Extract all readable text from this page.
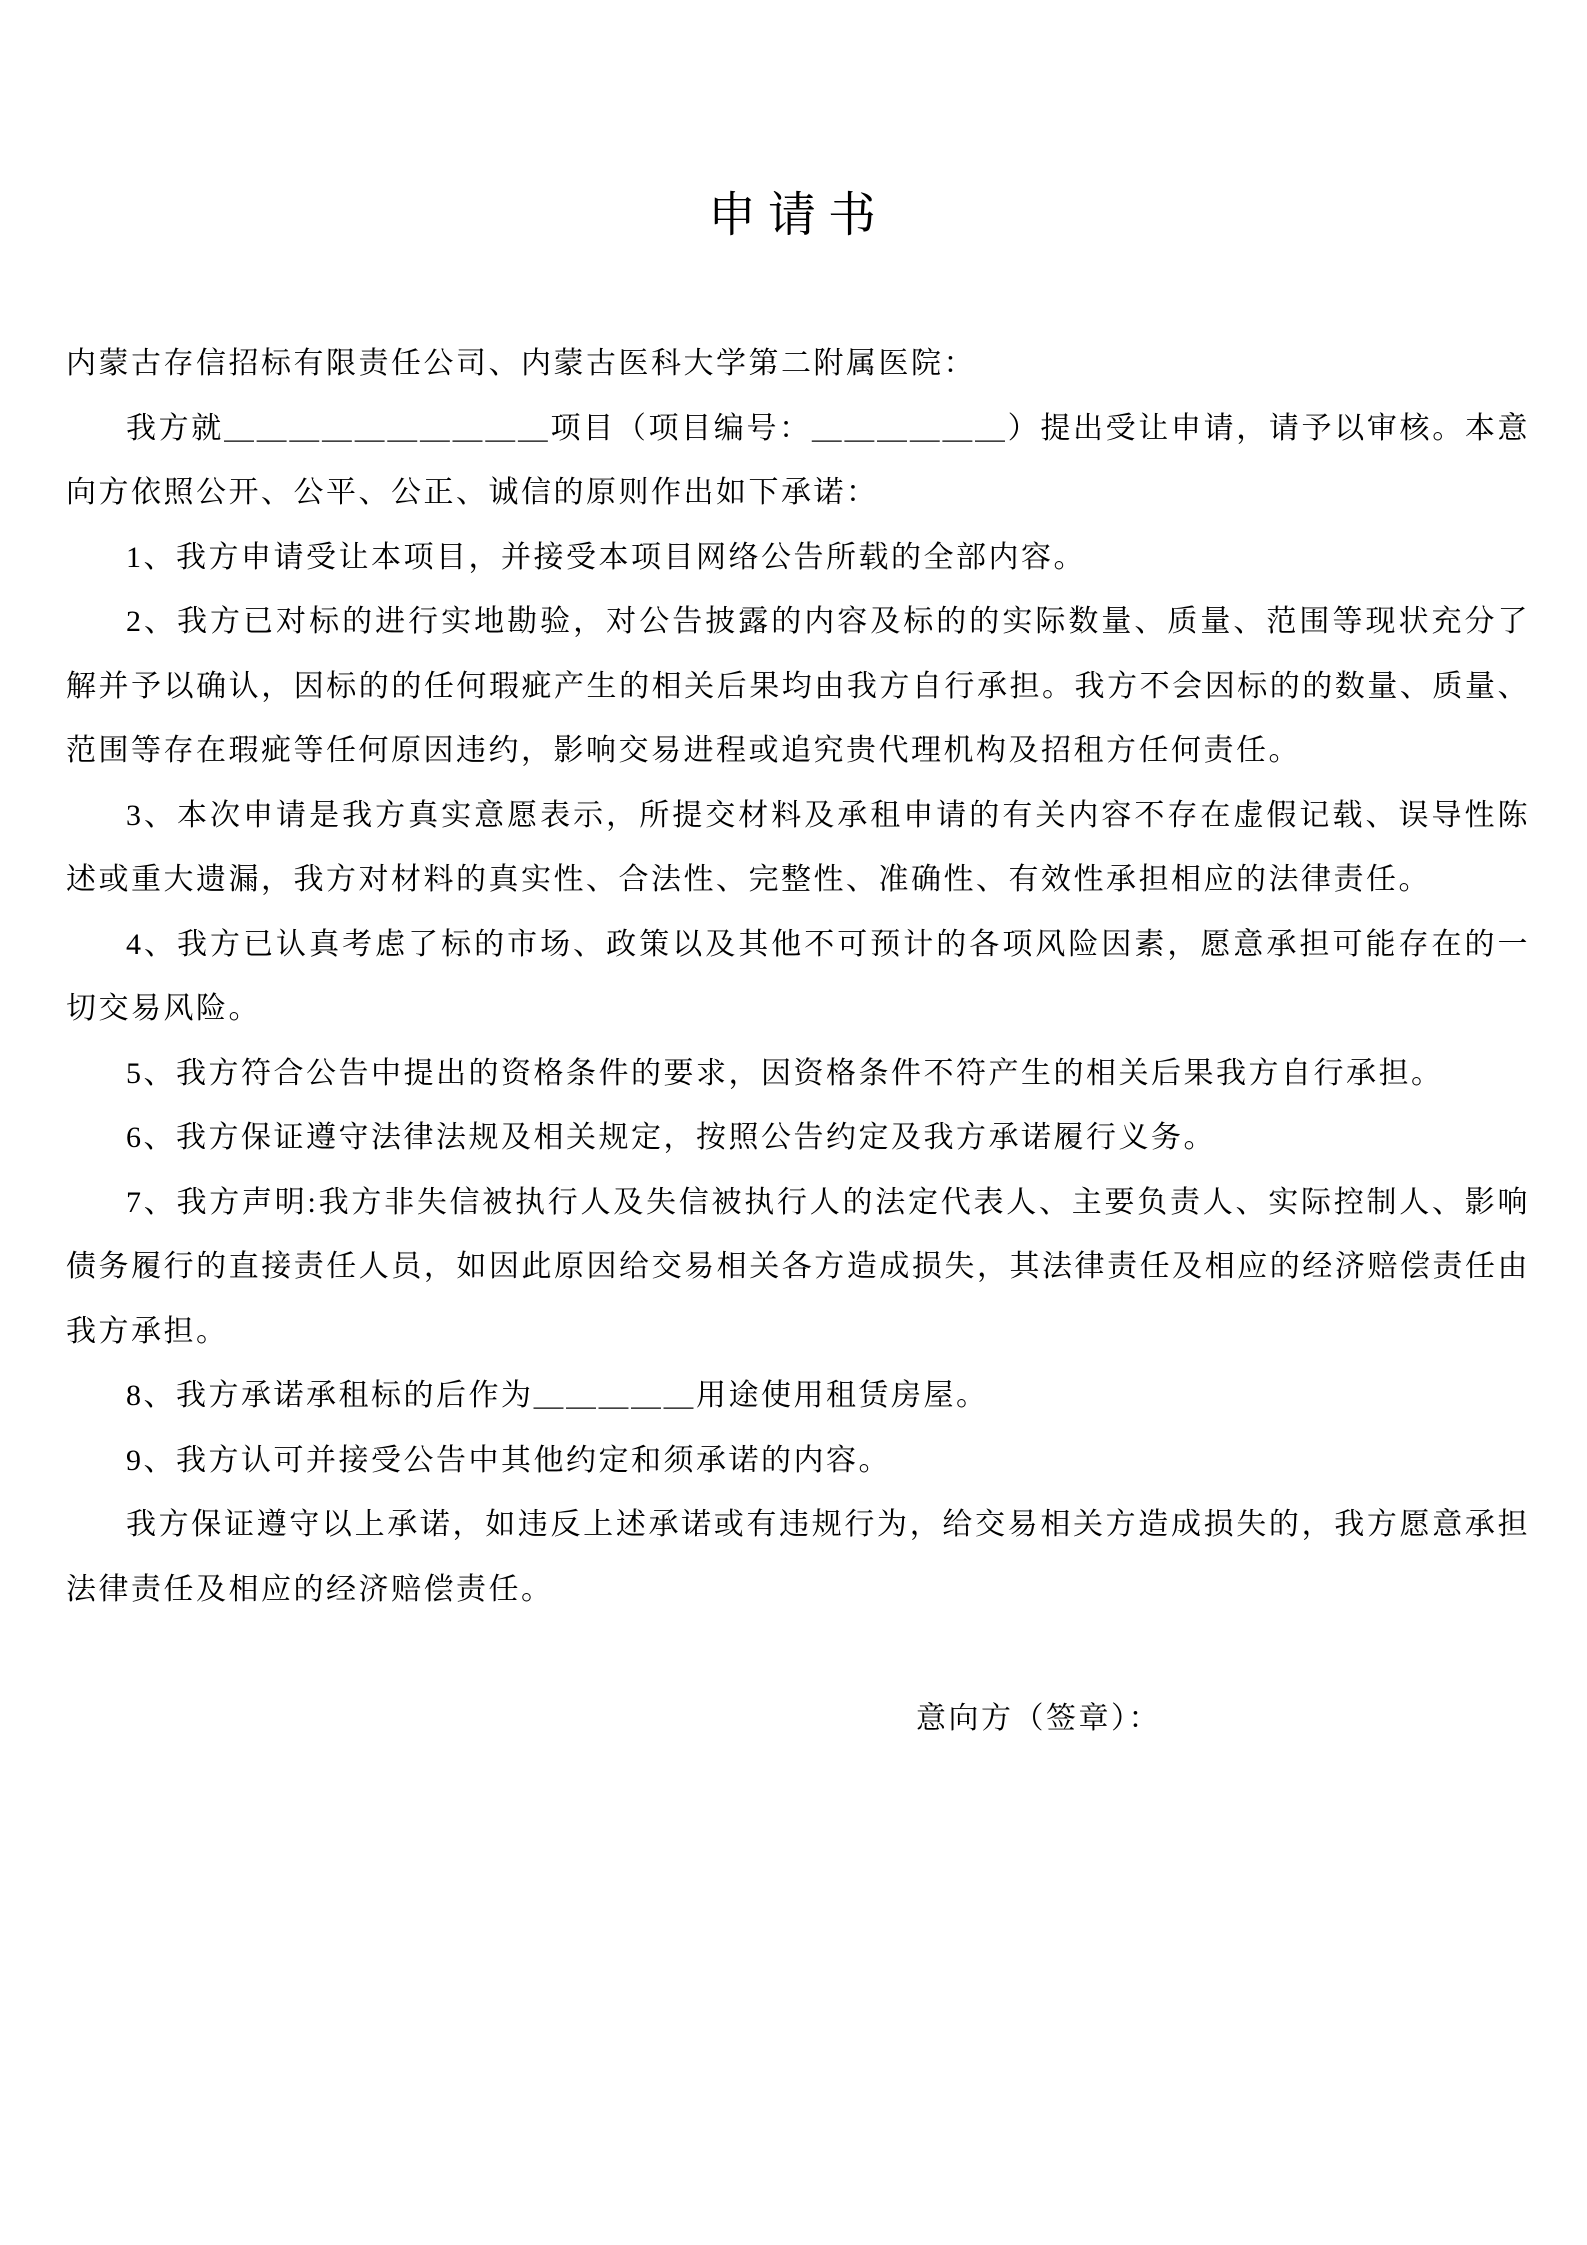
申请书

内蒙古存信招标有限责任公司、内蒙古医科大学第二附属医院：

我方就＿＿＿＿＿＿＿＿＿＿项目（项目编号：＿＿＿＿＿＿）提出受让申请，请予以审核。本意向方依照公开、公平、公正、诚信的原则作出如下承诺：

1、我方申请受让本项目，并接受本项目网络公告所载的全部内容。

2、我方已对标的进行实地勘验，对公告披露的内容及标的的实际数量、质量、范围等现状充分了解并予以确认，因标的的任何瑕疵产生的相关后果均由我方自行承担。我方不会因标的的数量、质量、范围等存在瑕疵等任何原因违约，影响交易进程或追究贵代理机构及招租方任何责任。

3、本次申请是我方真实意愿表示，所提交材料及承租申请的有关内容不存在虚假记载、误导性陈述或重大遗漏，我方对材料的真实性、合法性、完整性、准确性、有效性承担相应的法律责任。

4、我方已认真考虑了标的市场、政策以及其他不可预计的各项风险因素，愿意承担可能存在的一切交易风险。

5、我方符合公告中提出的资格条件的要求，因资格条件不符产生的相关后果我方自行承担。

6、我方保证遵守法律法规及相关规定，按照公告约定及我方承诺履行义务。

7、我方声明:我方非失信被执行人及失信被执行人的法定代表人、主要负责人、实际控制人、影响债务履行的直接责任人员，如因此原因给交易相关各方造成损失，其法律责任及相应的经济赔偿责任由我方承担。

8、我方承诺承租标的后作为＿＿＿＿＿用途使用租赁房屋。

9、我方认可并接受公告中其他约定和须承诺的内容。

我方保证遵守以上承诺，如违反上述承诺或有违规行为，给交易相关方造成损失的，我方愿意承担法律责任及相应的经济赔偿责任。

意向方（签章）：
